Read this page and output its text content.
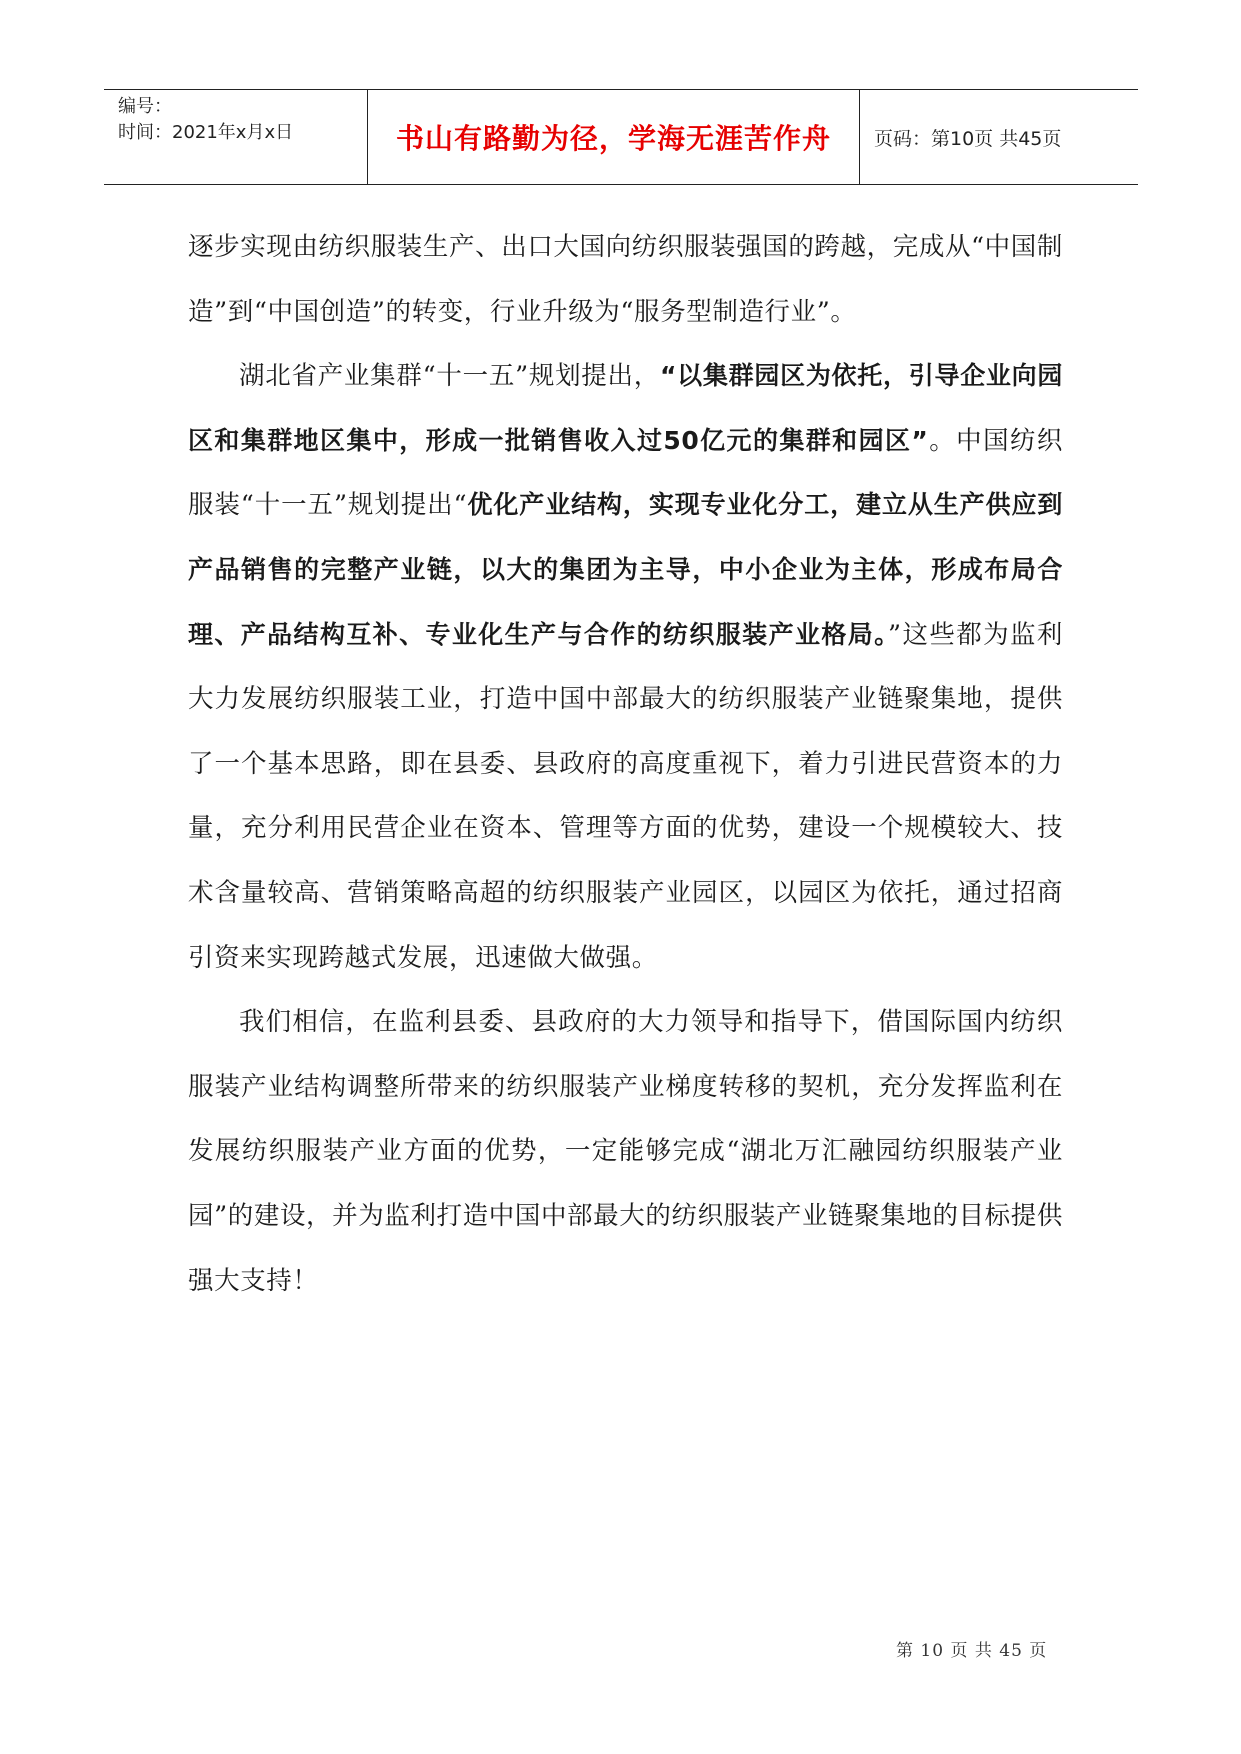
编号：
时间：2021年x月x日	书山有路勤为径，学海无涯苦作舟 页码：第10页 共45页

逐步实现由纺织服装生产、出口大国向纺织服装强国的跨越，完成从“中国制造”到“中国创造”的转变，行业升级为“服务型制造行业”。

湖北省产业集群“十一五”规划提出，“以集群园区为依托，引导企业向园区和集群地区集中，形成一批销售收入过50亿元的集群和园区”。中国纺织服装“十一五”规划提出“优化产业结构，实现专业化分工，建立从生产供应到产品销售的完整产业链，以大的集团为主导，中小企业为主体，形成布局合理、产品结构互补、专业化生产与合作的纺织服装产业格局。”这些都为监利大力发展纺织服装工业，打造中国中部最大的纺织服装产业链聚集地，提供了一个基本思路，即在县委、县政府的高度重视下，着力引进民营资本的力量，充分利用民营企业在资本、管理等方面的优势，建设一个规模较大、技术含量较高、营销策略高超的纺织服装产业园区，以园区为依托，通过招商引资来实现跨越式发展，迅速做大做强。

我们相信，在监利县委、县政府的大力领导和指导下，借国际国内纺织服装产业结构调整所带来的纺织服装产业梯度转移的契机，充分发挥监利在发展纺织服装产业方面的优势，一定能够完成“湖北万汇融园纺织服装产业园”的建设，并为监利打造中国中部最大的纺织服装产业链聚集地的目标提供强大支持！

第 10 页 共 45 页
